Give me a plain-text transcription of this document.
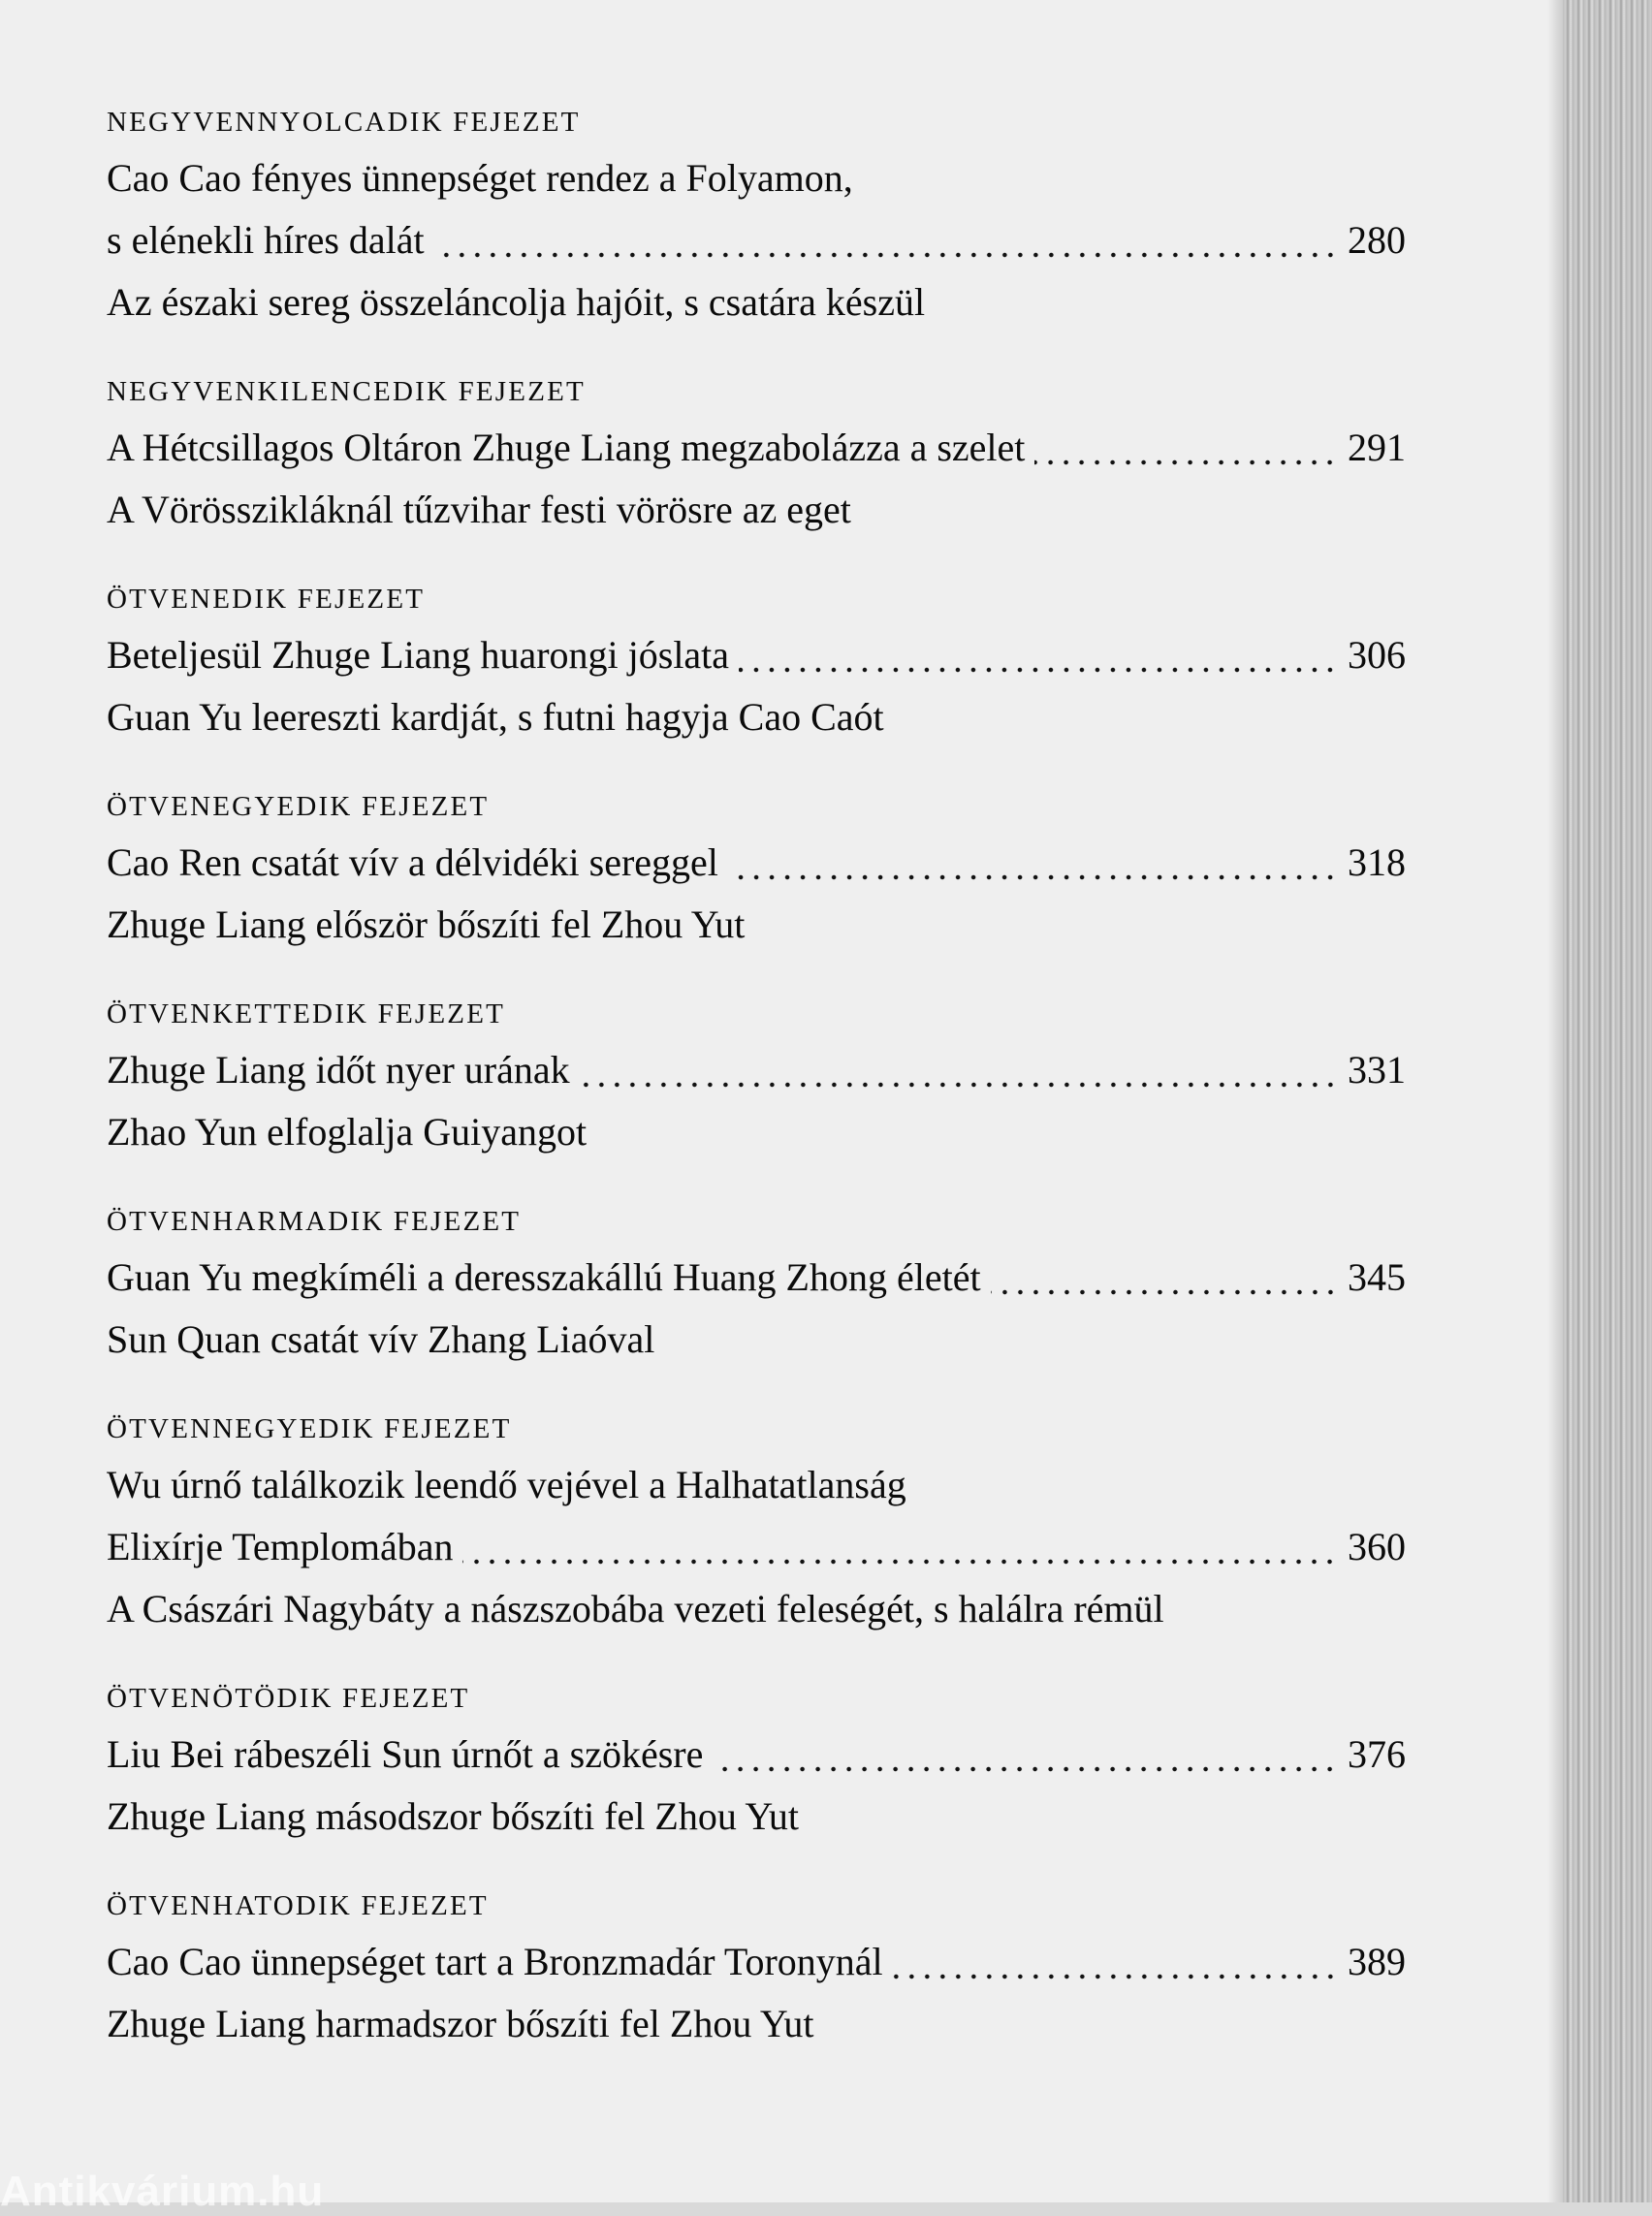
NEGYVENNYOLCADIK FEJEZET
Cao Cao fényes ünnepséget rendez a Folyamon,
s elénekli híres dalát	280
Az északi sereg összeláncolja hajóit, s csatára készül
NEGYVENKILENCEDIK FEJEZET
A Hétcsillagos Oltáron Zhuge Liang megzabolázza a szelet	291
A Vörösszikláknál tűzvihar festi vörösre az eget
ÖTVENEDIK FEJEZET
Beteljesül Zhuge Liang huarongi jóslata	306
Guan Yu leereszti kardját, s futni hagyja Cao Caót
ÖTVENEGYEDIK FEJEZET
Cao Ren csatát vív a délvidéki sereggel	318
Zhuge Liang először bőszíti fel Zhou Yut
ÖTVENKETTEDIK FEJEZET
Zhuge Liang időt nyer urának	331
Zhao Yun elfoglalja Guiyangot
ÖTVENHARMADIK FEJEZET
Guan Yu megkíméli a deresszakállú Huang Zhong életét	345
Sun Quan csatát vív Zhang Liaóval
ÖTVENNEGYEDIK FEJEZET
Wu úrnő találkozik leendő vejével a Halhatatlanság
Elixírje Templomában	360
A Császári Nagybáty a nászszobába vezeti feleségét, s halálra rémül
ÖTVENÖTÖDIK FEJEZET
Liu Bei rábeszéli Sun úrnőt a szökésre	376
Zhuge Liang másodszor bőszíti fel Zhou Yut
ÖTVENHATODIK FEJEZET
Cao Cao ünnepséget tart a Bronzmadár Toronynál	389
Zhuge Liang harmadszor bőszíti fel Zhou Yut
Antikvárium.hu
